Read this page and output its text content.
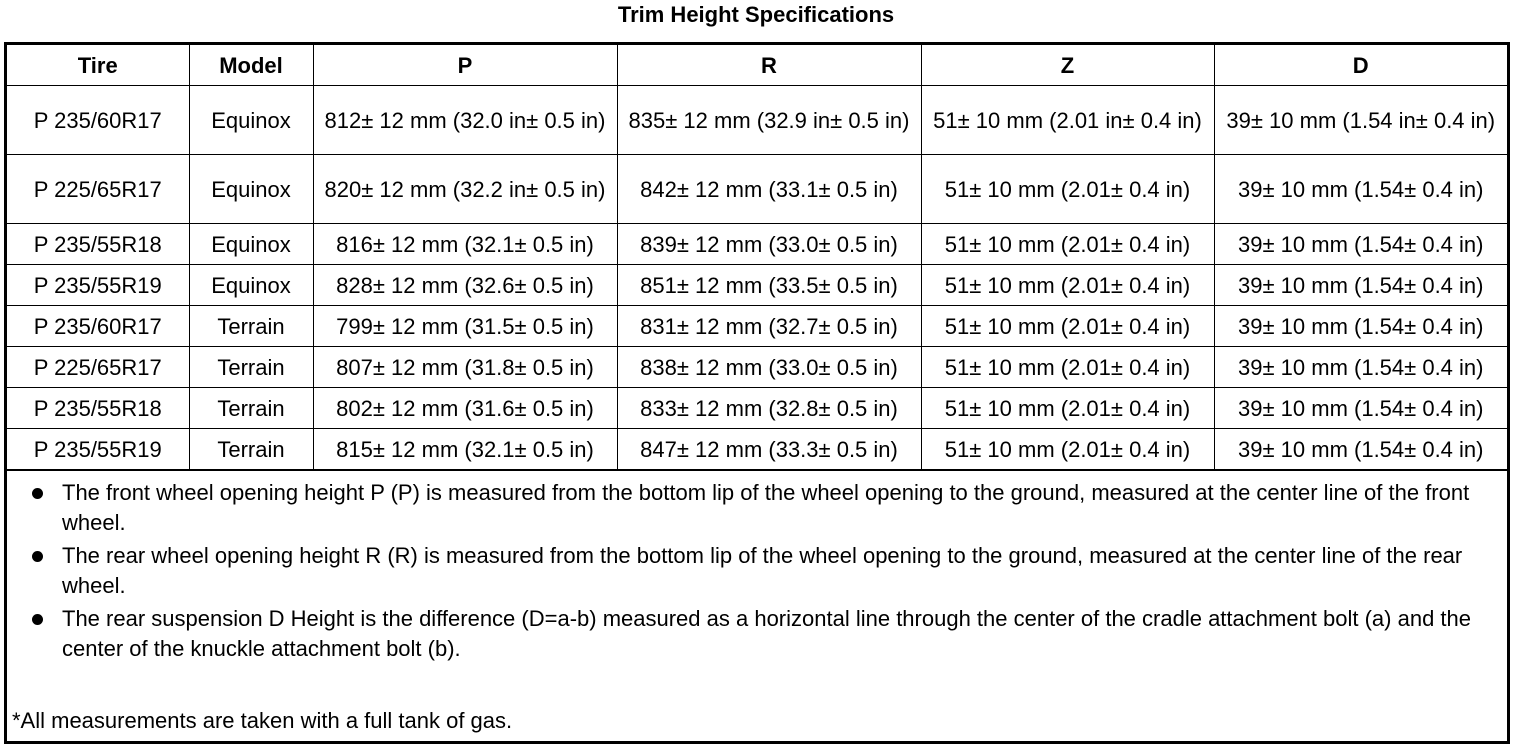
Trim Height Specifications
Tire	Model	P	R	Z	D
P 235/60R17	Equinox	812± 12 mm (32.0 in± 0.5 in)	835± 12 mm (32.9 in± 0.5 in)	51± 10 mm (2.01 in± 0.4 in)	39± 10 mm (1.54 in± 0.4 in)
P 225/65R17	Equinox	820± 12 mm (32.2 in± 0.5 in)	842± 12 mm (33.1± 0.5 in)	51± 10 mm (2.01± 0.4 in)	39± 10 mm (1.54± 0.4 in)
P 235/55R18	Equinox	816± 12 mm (32.1± 0.5 in)	839± 12 mm (33.0± 0.5 in)	51± 10 mm (2.01± 0.4 in)	39± 10 mm (1.54± 0.4 in)
P 235/55R19	Equinox	828± 12 mm (32.6± 0.5 in)	851± 12 mm (33.5± 0.5 in)	51± 10 mm (2.01± 0.4 in)	39± 10 mm (1.54± 0.4 in)
P 235/60R17	Terrain	799± 12 mm (31.5± 0.5 in)	831± 12 mm (32.7± 0.5 in)	51± 10 mm (2.01± 0.4 in)	39± 10 mm (1.54± 0.4 in)
P 225/65R17	Terrain	807± 12 mm (31.8± 0.5 in)	838± 12 mm (33.0± 0.5 in)	51± 10 mm (2.01± 0.4 in)	39± 10 mm (1.54± 0.4 in)
P 235/55R18	Terrain	802± 12 mm (31.6± 0.5 in)	833± 12 mm (32.8± 0.5 in)	51± 10 mm (2.01± 0.4 in)	39± 10 mm (1.54± 0.4 in)
P 235/55R19	Terrain	815± 12 mm (32.1± 0.5 in)	847± 12 mm (33.3± 0.5 in)	51± 10 mm (2.01± 0.4 in)	39± 10 mm (1.54± 0.4 in)
The front wheel opening height P (P) is measured from the bottom lip of the wheel opening to the ground, measured at the center line of the front wheel.
The rear wheel opening height R (R) is measured from the bottom lip of the wheel opening to the ground, measured at the center line of the rear wheel.
The rear suspension D Height is the difference (D=a-b) measured as a horizontal line through the center of the cradle attachment bolt (a) and the center of the knuckle attachment bolt (b).
*All measurements are taken with a full tank of gas.
